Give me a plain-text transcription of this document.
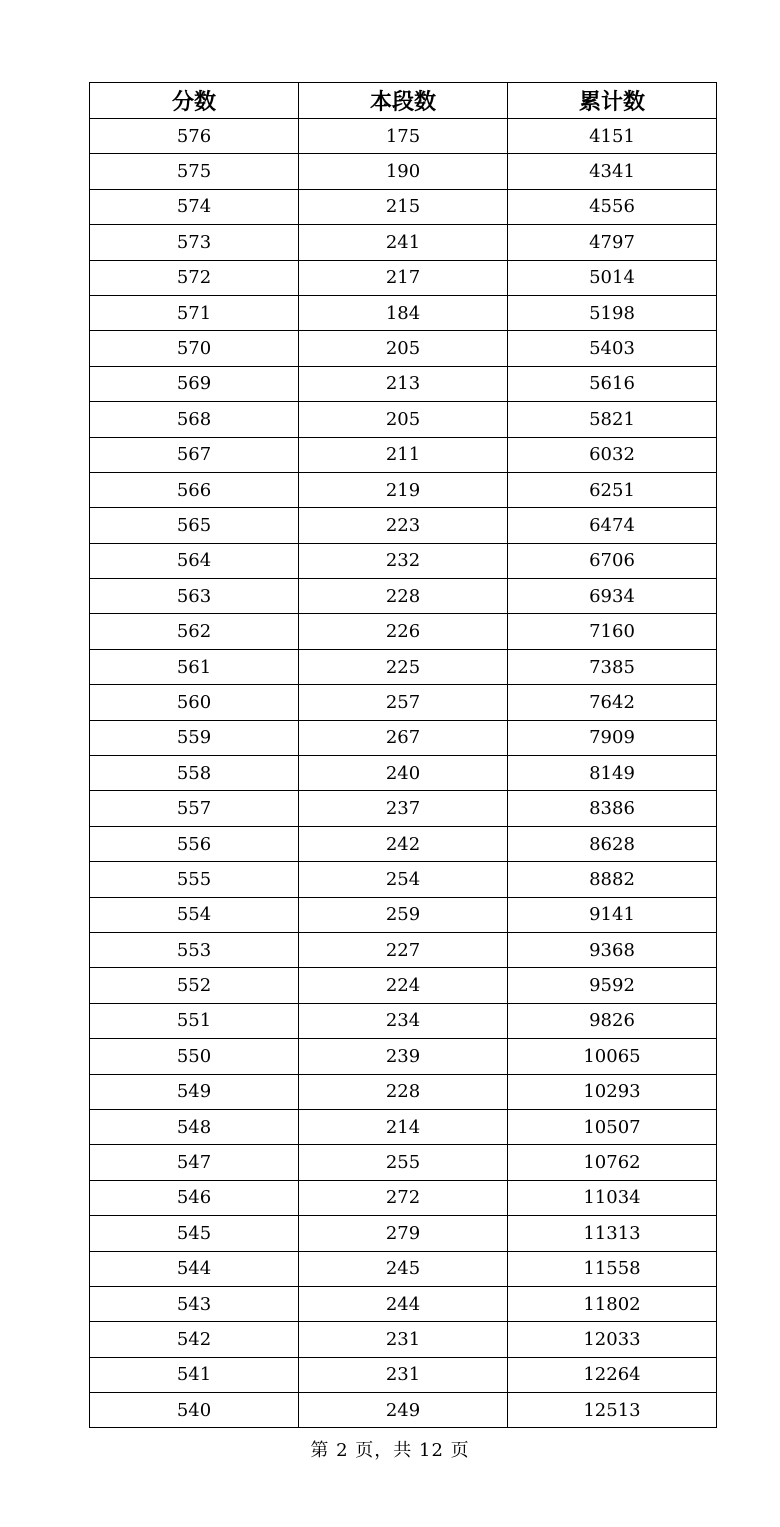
分数	本段数	累计数
576	175	4151
575	190	4341
574	215	4556
573	241	4797
572	217	5014
571	184	5198
570	205	5403
569	213	5616
568	205	5821
567	211	6032
566	219	6251
565	223	6474
564	232	6706
563	228	6934
562	226	7160
561	225	7385
560	257	7642
559	267	7909
558	240	8149
557	237	8386
556	242	8628
555	254	8882
554	259	9141
553	227	9368
552	224	9592
551	234	9826
550	239	10065
549	228	10293
548	214	10507
547	255	10762
546	272	11034
545	279	11313
544	245	11558
543	244	11802
542	231	12033
541	231	12264
540	249	12513
第 2 页，共 12 页
